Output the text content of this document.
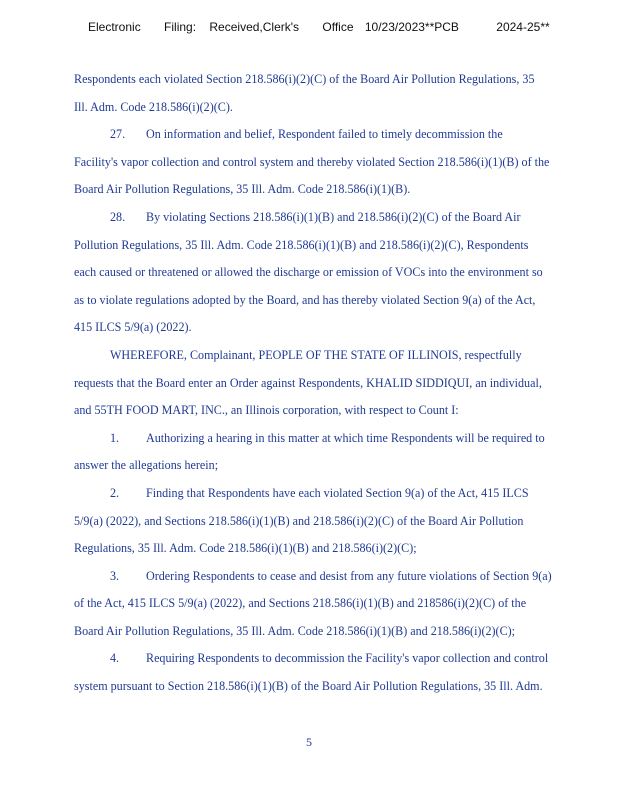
Electronic Filing: Received,Clerk's Office 10/23/2023**PCB	2024-25**
Respondents each violated Section 218.586(i)(2)(C) of the Board Air Pollution Regulations, 35
Ill. Adm. Code 218.586(i)(2)(C).
27. On information and belief, Respondent failed to timely decommission the
Facility's vapor collection and control system and thereby violated Section 218.586(i)(1)(B) of the
Board Air Pollution Regulations, 35 Ill. Adm. Code 218.586(i)(1)(B).
28. By violating Sections 218.586(i)(1)(B) and 218.586(i)(2)(C) of the Board Air
Pollution Regulations, 35 Ill. Adm. Code 218.586(i)(1)(B) and 218.586(i)(2)(C), Respondents
each caused or threatened or allowed the discharge or emission of VOCs into the environment so
as to violate regulations adopted by the Board, and has thereby violated Section 9(a) of the Act,
415 ILCS 5/9(a) (2022).
WHEREFORE, Complainant, PEOPLE OF THE STATE OF ILLINOIS, respectfully
requests that the Board enter an Order against Respondents, KHALID SIDDIQUI, an individual,
and 55TH FOOD MART, INC., an Illinois corporation, with respect to Count I:
1. Authorizing a hearing in this matter at which time Respondents will be required to
answer the allegations herein;
2. Finding that Respondents have each violated Section 9(a) of the Act, 415 ILCS
5/9(a) (2022), and Sections 218.586(i)(1)(B) and 218.586(i)(2)(C) of the Board Air Pollution
Regulations, 35 Ill. Adm. Code 218.586(i)(1)(B) and 218.586(i)(2)(C);
3. Ordering Respondents to cease and desist from any future violations of Section 9(a)
of the Act, 415 ILCS 5/9(a) (2022), and Sections 218.586(i)(1)(B) and 218586(i)(2)(C) of the
Board Air Pollution Regulations, 35 Ill. Adm. Code 218.586(i)(1)(B) and 218.586(i)(2)(C);
4. Requiring Respondents to decommission the Facility's vapor collection and control
system pursuant to Section 218.586(i)(1)(B) of the Board Air Pollution Regulations, 35 Ill. Adm.
5
